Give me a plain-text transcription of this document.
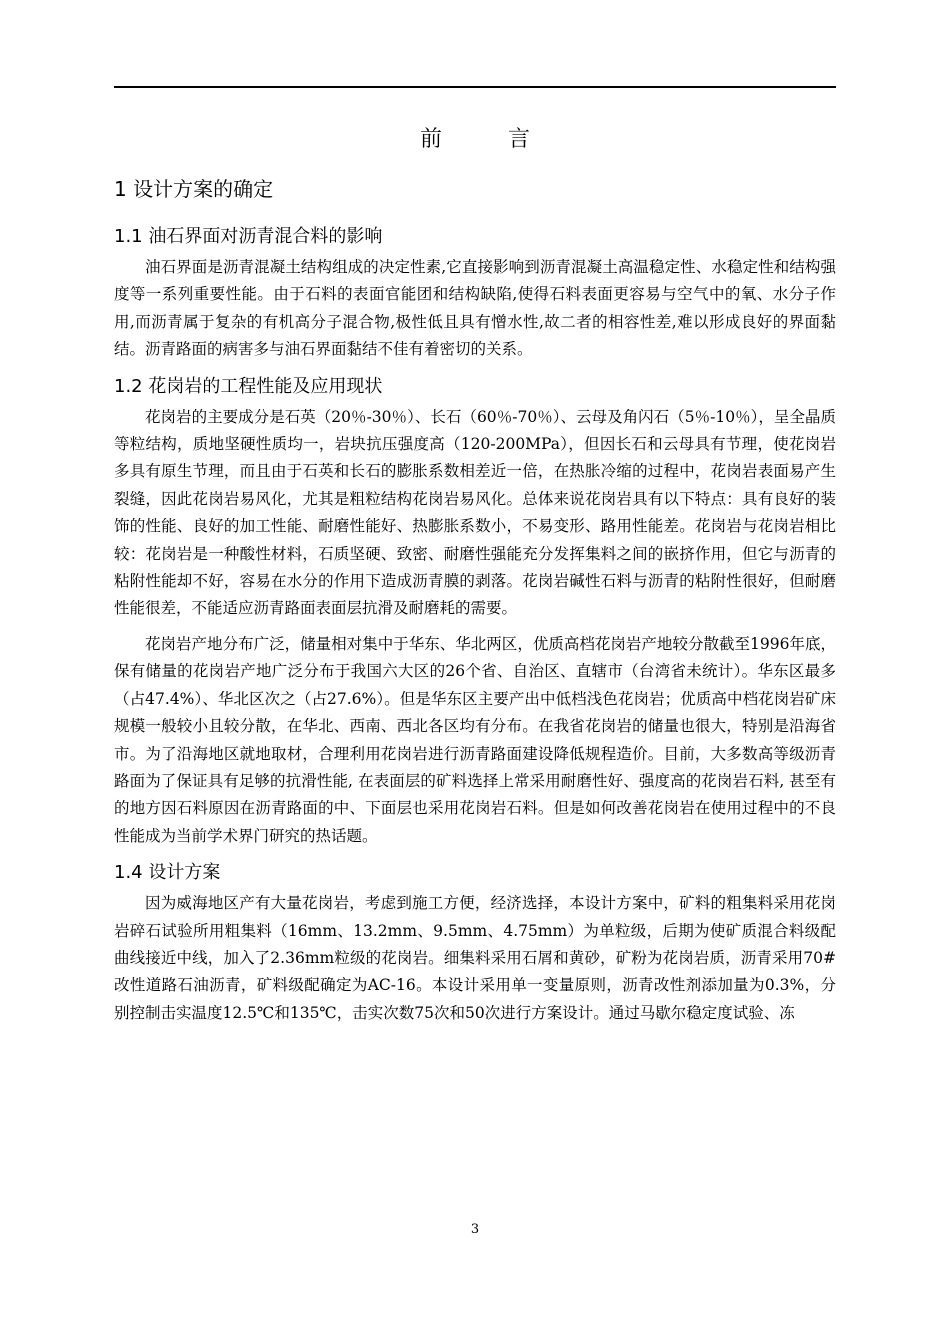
前　言
1 设计方案的确定
1.1 油石界面对沥青混合料的影响

油石界面是沥青混凝土结构组成的决定性素,它直接影响到沥青混凝土高温稳定性、水稳定性和结构强度等一系列重要性能。由于石料的表面官能团和结构缺陷,使得石料表面更容易与空气中的氧、水分子作用,而沥青属于复杂的有机高分子混合物,极性低且具有憎水性,故二者的相容性差,难以形成良好的界面黏结。沥青路面的病害多与油石界面黏结不佳有着密切的关系。

1.2 花岗岩的工程性能及应用现状

花岗岩的主要成分是石英（20％-30％）、长石（60％-70％）、云母及角闪石（5％-10％），呈全晶质等粒结构，质地坚硬性质均一，岩块抗压强度高（120-200MPa），但因长石和云母具有节理，使花岗岩多具有原生节理，而且由于石英和长石的膨胀系数相差近一倍，在热胀冷缩的过程中，花岗岩表面易产生裂缝，因此花岗岩易风化，尤其是粗粒结构花岗岩易风化。总体来说花岗岩具有以下特点：具有良好的装饰的性能、良好的加工性能、耐磨性能好、热膨胀系数小，不易变形、路用性能差。花岗岩与花岗岩相比较：花岗岩是一种酸性材料，石质坚硬、致密、耐磨性强能充分发挥集料之间的嵌挤作用，但它与沥青的粘附性能却不好，容易在水分的作用下造成沥青膜的剥落。花岗岩碱性石料与沥青的粘附性很好，但耐磨性能很差，不能适应沥青路面表面层抗滑及耐磨耗的需要。

花岗岩产地分布广泛，储量相对集中于华东、华北两区，优质高档花岗岩产地较分散截至1996年底，保有储量的花岗岩产地广泛分布于我国六大区的26个省、自治区、直辖市（台湾省未统计）。华东区最多（占47.4%）、华北区次之（占27.6%）。但是华东区主要产出中低档浅色花岗岩；优质高中档花岗岩矿床规模一般较小且较分散，在华北、西南、西北各区均有分布。在我省花岗岩的储量也很大，特别是沿海省市。为了沿海地区就地取材，合理利用花岗岩进行沥青路面建设降低规程造价。目前，大多数高等级沥青路面为了保证具有足够的抗滑性能, 在表面层的矿料选择上常采用耐磨性好、强度高的花岗岩石料, 甚至有的地方因石料原因在沥青路面的中、下面层也采用花岗岩石料。但是如何改善花岗岩在使用过程中的不良性能成为当前学术界门研究的热话题。

1.4 设计方案

因为威海地区产有大量花岗岩，考虑到施工方便，经济选择，本设计方案中，矿料的粗集料采用花岗岩碎石试验所用粗集料（16mm、13.2mm、9.5mm、4.75mm）为单粒级，后期为使矿质混合料级配曲线接近中线，加入了2.36mm粒级的花岗岩。细集料采用石屑和黄砂，矿粉为花岗岩质，沥青采用70#改性道路石油沥青，矿料级配确定为AC-16。本设计采用单一变量原则，沥青改性剂添加量为0.3%，分别控制击实温度12.5℃和135℃，击实次数75次和50次进行方案设计。通过马歇尔稳定度试验、冻

3
